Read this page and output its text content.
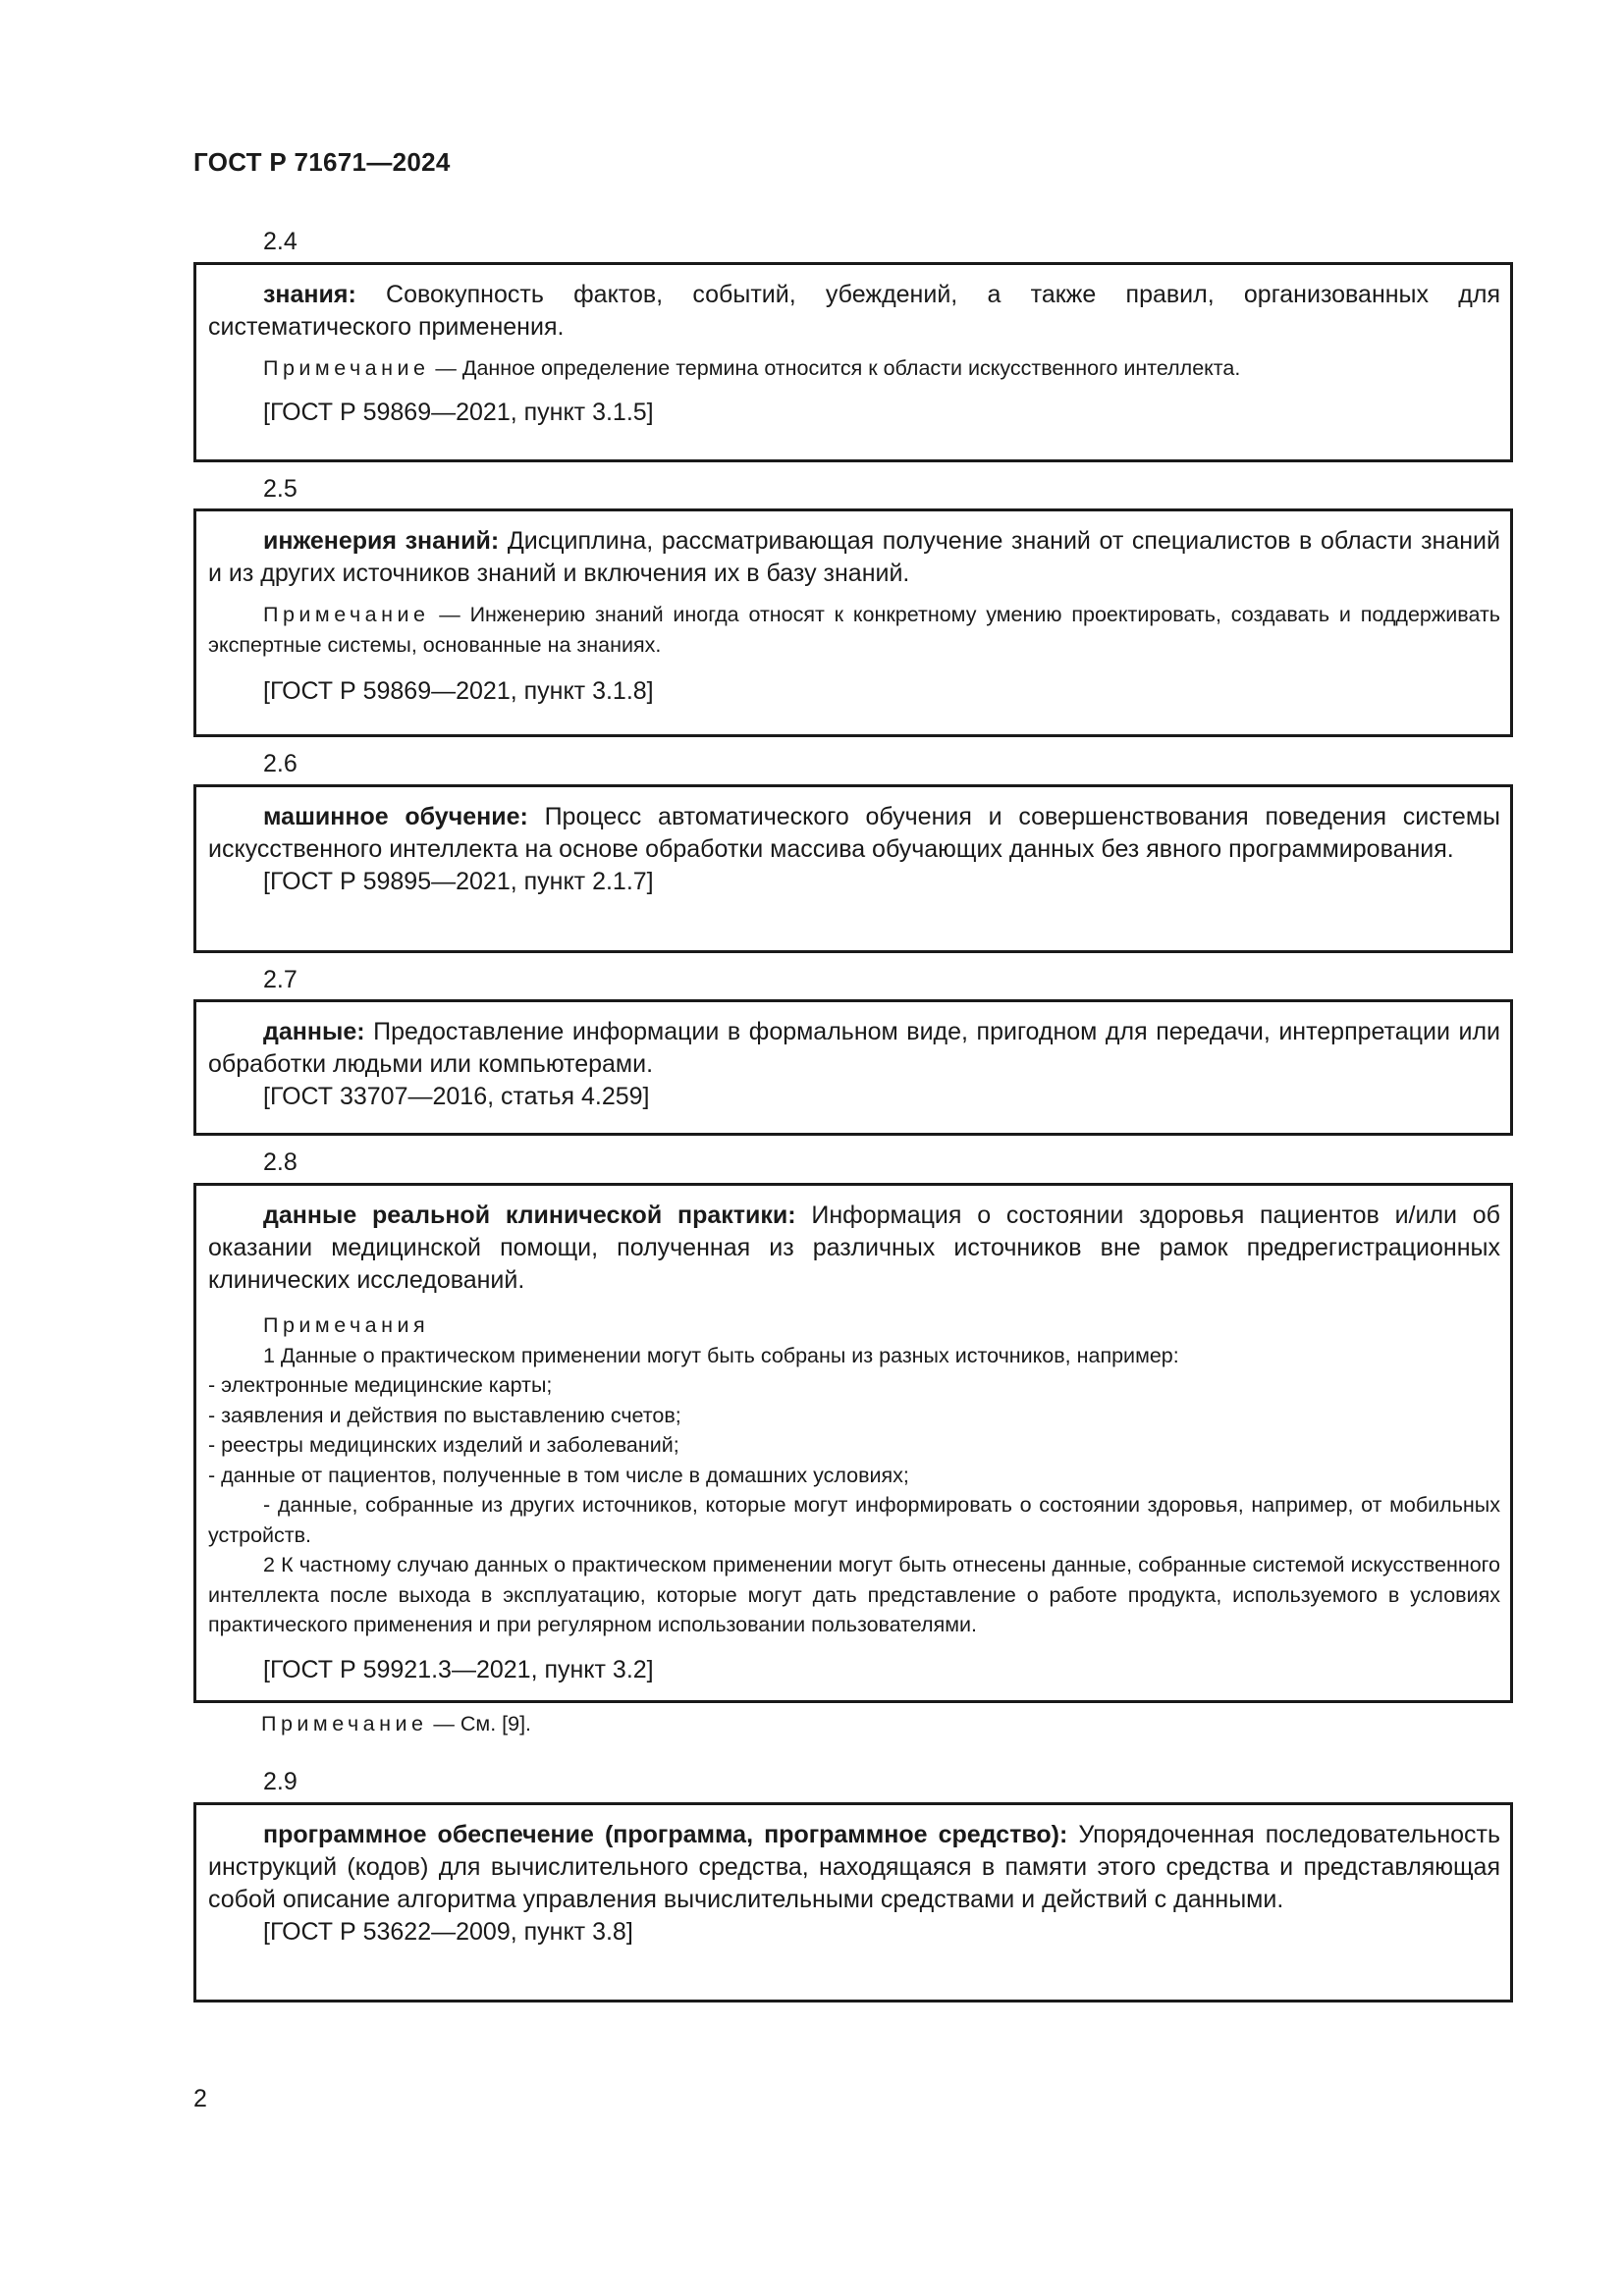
ГОСТ Р 71671—2024
2.4

знания: Совокупность фактов, событий, убеждений, а также правил, организованных для систематического применения.

Примечание — Данное определение термина относится к области искусственного интеллекта.

[ГОСТ Р 59869—2021, пункт 3.1.5]

2.5

инженерия знаний: Дисциплина, рассматривающая получение знаний от специалистов в области знаний и из других источников знаний и включения их в базу знаний.

Примечание — Инженерию знаний иногда относят к конкретному умению проектировать, создавать и поддерживать экспертные системы, основанные на знаниях.

[ГОСТ Р 59869—2021, пункт 3.1.8]

2.6

машинное обучение: Процесс автоматического обучения и совершенствования поведения системы искусственного интеллекта на основе обработки массива обучающих данных без явного программирования.

[ГОСТ Р 59895—2021, пункт 2.1.7]

2.7

данные: Предоставление информации в формальном виде, пригодном для передачи, интерпретации или обработки людьми или компьютерами.

[ГОСТ 33707—2016, статья 4.259]

2.8

данные реальной клинической практики: Информация о состоянии здоровья пациентов и/или об оказании медицинской помощи, полученная из различных источников вне рамок предрегистрационных клинических исследований.

Примечания

1 Данные о практическом применении могут быть собраны из разных источников, например:

- электронные медицинские карты;

- заявления и действия по выставлению счетов;

- реестры медицинских изделий и заболеваний;

- данные от пациентов, полученные в том числе в домашних условиях;

- данные, собранные из других источников, которые могут информировать о состоянии здоровья, например, от мобильных устройств.

2 К частному случаю данных о практическом применении могут быть отнесены данные, собранные системой искусственного интеллекта после выхода в эксплуатацию, которые могут дать представление о работе продукта, используемого в условиях практического применения и при регулярном использовании пользователями.

[ГОСТ Р 59921.3—2021, пункт 3.2]

Примечание — См. [9].
2.9

программное обеспечение (программа, программное средство): Упорядоченная последовательность инструкций (кодов) для вычислительного средства, находящаяся в памяти этого средства и представляющая собой описание алгоритма управления вычислительными средствами и действий с данными.

[ГОСТ Р 53622—2009, пункт 3.8]

2
